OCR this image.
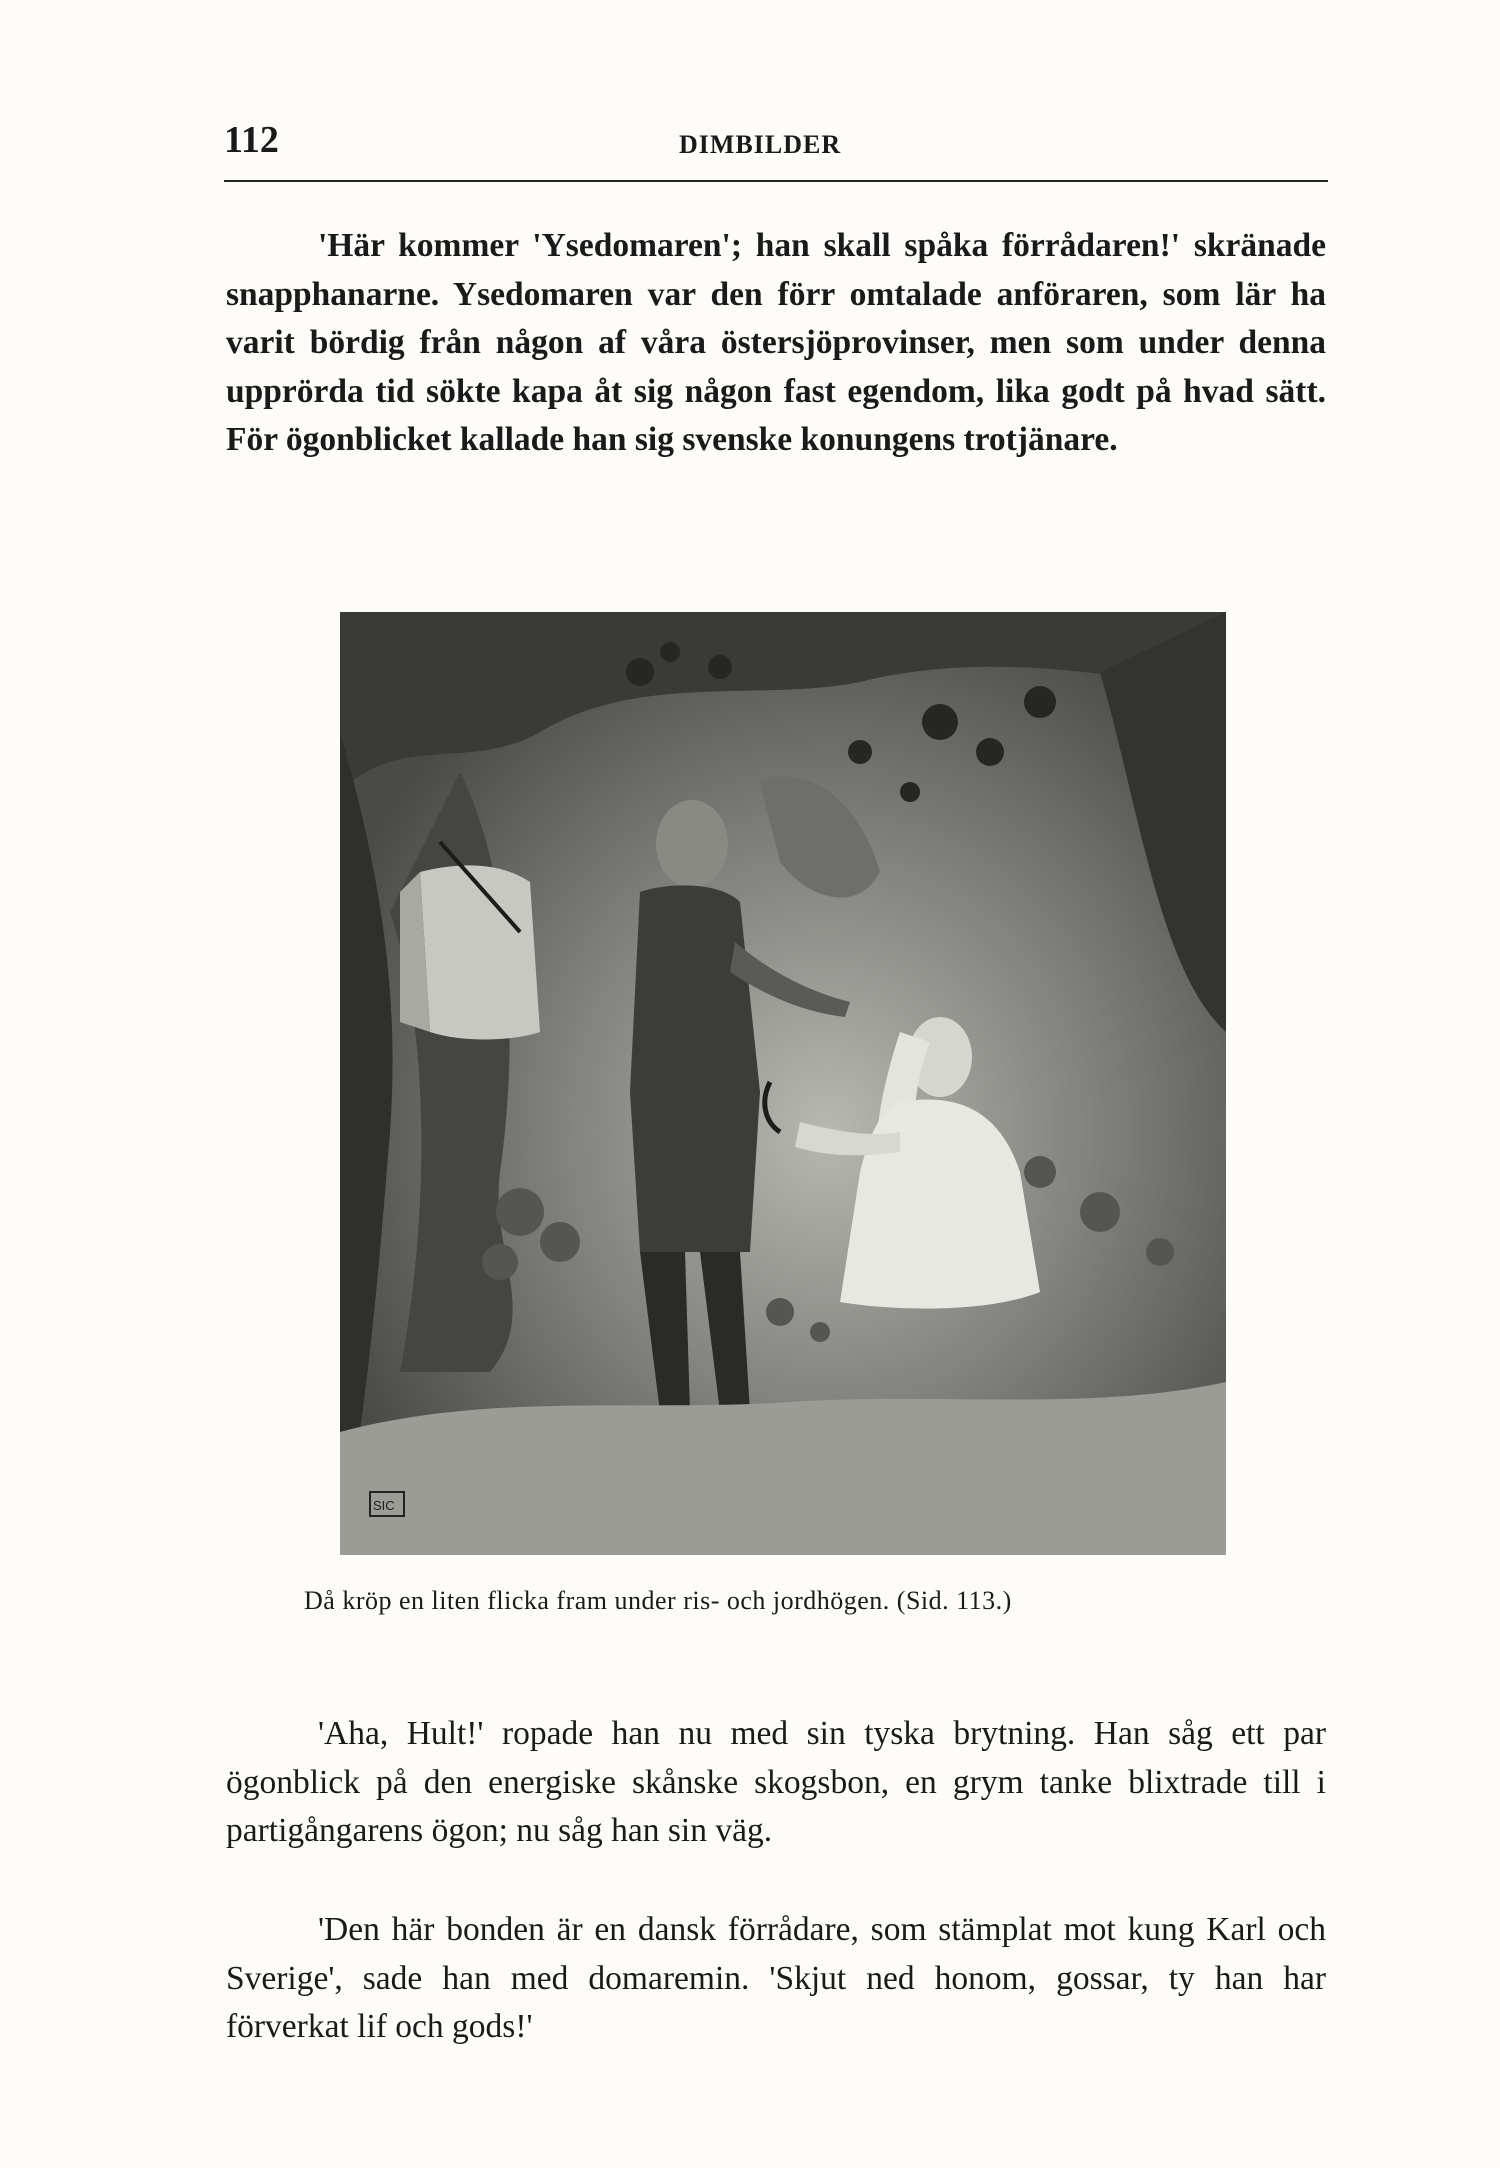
112	DIMBILDER

'Här kommer 'Ysedomaren'; han skall spåka förrådaren!' skränade snapphanarne. Ysedomaren var den förr omtalade anföraren, som lär ha varit bördig från någon af våra östersjöprovinser, men som under denna upprörda tid sökte kapa åt sig någon fast egendom, lika godt på hvad sätt. För ögonblicket kallade han sig svenske konungens trotjänare.

SIC
Då kröp en liten flicka fram under ris- och jordhögen. (Sid. 113.)

'Aha, Hult!' ropade han nu med sin tyska brytning. Han såg ett par ögonblick på den energiske skånske skogsbon, en grym tanke blixtrade till i partigångarens ögon; nu såg han sin väg.

'Den här bonden är en dansk förrådare, som stämplat mot kung Karl och Sverige', sade han med domaremin. 'Skjut ned honom, gossar, ty han har förverkat lif och gods!'
